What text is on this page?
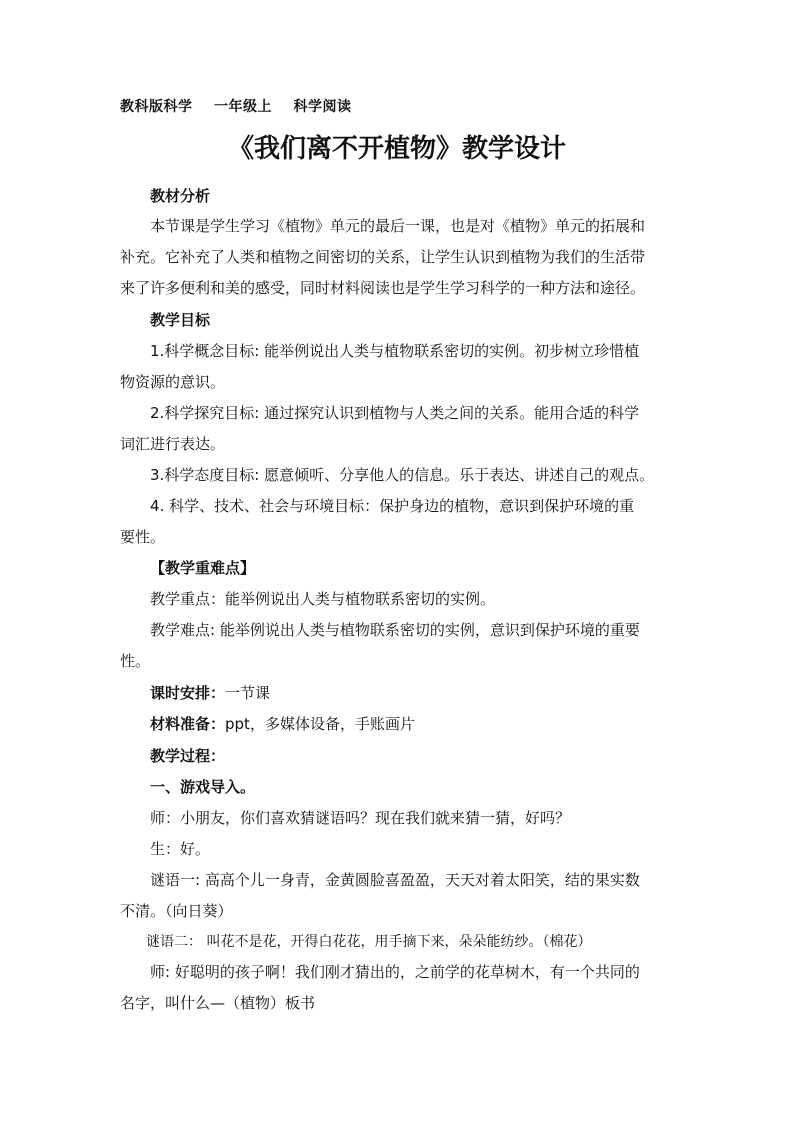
教科版科学    一年级上    科学阅读
《我们离不开植物》教学设计
教材分析
本节课是学生学习《植物》单元的最后一课，也是对《植物》单元的拓展和
补充。它补充了人类和植物之间密切的关系，让学生认识到植物为我们的生活带
来了许多便利和美的感受，同时材料阅读也是学生学习科学的一种方法和途径。
教学目标
1.科学概念目标: 能举例说出人类与植物联系密切的实例。初步树立珍惜植
物资源的意识。
2.科学探究目标: 通过探究认识到植物与人类之间的关系。能用合适的科学
词汇进行表达。
3.科学态度目标: 愿意倾听、分享他人的信息。乐于表达、讲述自己的观点。
4. 科学、技术、社会与环境目标：保护身边的植物，意识到保护环境的重
要性。
【教学重难点】
教学重点：能举例说出人类与植物联系密切的实例。
教学难点: 能举例说出人类与植物联系密切的实例，意识到保护环境的重要
性。
课时安排：一节课
材料准备：ppt，多媒体设备，手账画片
教学过程：
一、游戏导入。
师：小朋友，你们喜欢猜谜语吗？现在我们就来猜一猜，好吗？
生：好。
谜语一: 高高个儿一身青，金黄圆脸喜盈盈，天天对着太阳笑，结的果实数
不清。（向日葵）
谜语二： 叫花不是花，开得白花花，用手摘下来，朵朵能纺纱。（棉花）
师: 好聪明的孩子啊！我们刚才猜出的，之前学的花草树木，有一个共同的
名字，叫什么—（植物）板书
